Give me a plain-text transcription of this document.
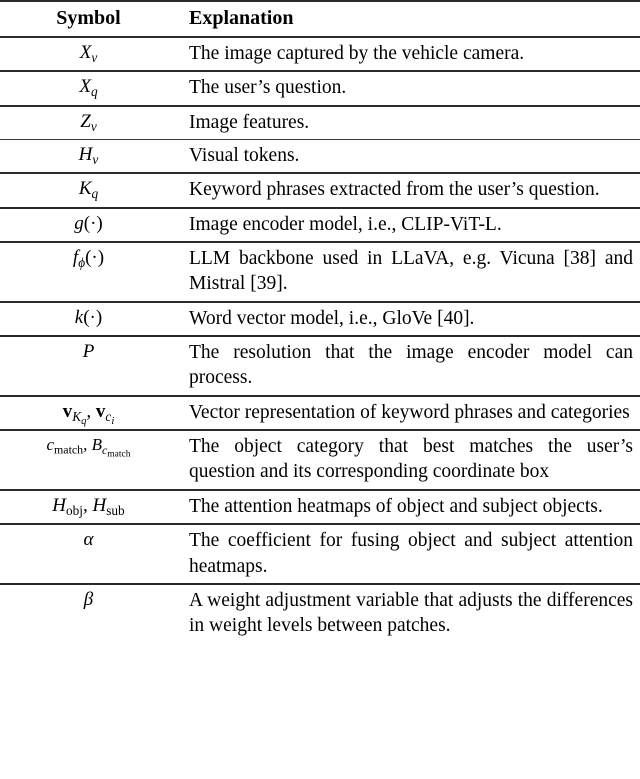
Symbol	Explanation

$X_v$	The image captured by the vehicle camera.

$X_q$	The user’s question.

$Z_v$	Image features.

$H_v$	Visual tokens.

$K_q$	Keyword phrases extracted from the user’s question.

g(·)	Image encoder model, i.e., CLIP-ViT-L.

$f_\phi(\cdot)$	LLM backbone used in LLaVA, e.g. Vicuna [38] and Mistral [39].

k(·)	Word vector model, i.e., GloVe [40].

P	The resolution that the image encoder model can process.

$v_{K_q}$, $v_{c_i}$	Vector representation of keyword phrases and categories

$c_{match}$, $B_{c_{match}}$	The object category that best matches the user’s question and its corresponding coordinate box

$H_{obj}$, $H_{sub}$	The attention heatmaps of object and subject objects.

α	The coefficient for fusing object and subject attention heatmaps.

β	A weight adjustment variable that adjusts the differences in weight levels between patches.
